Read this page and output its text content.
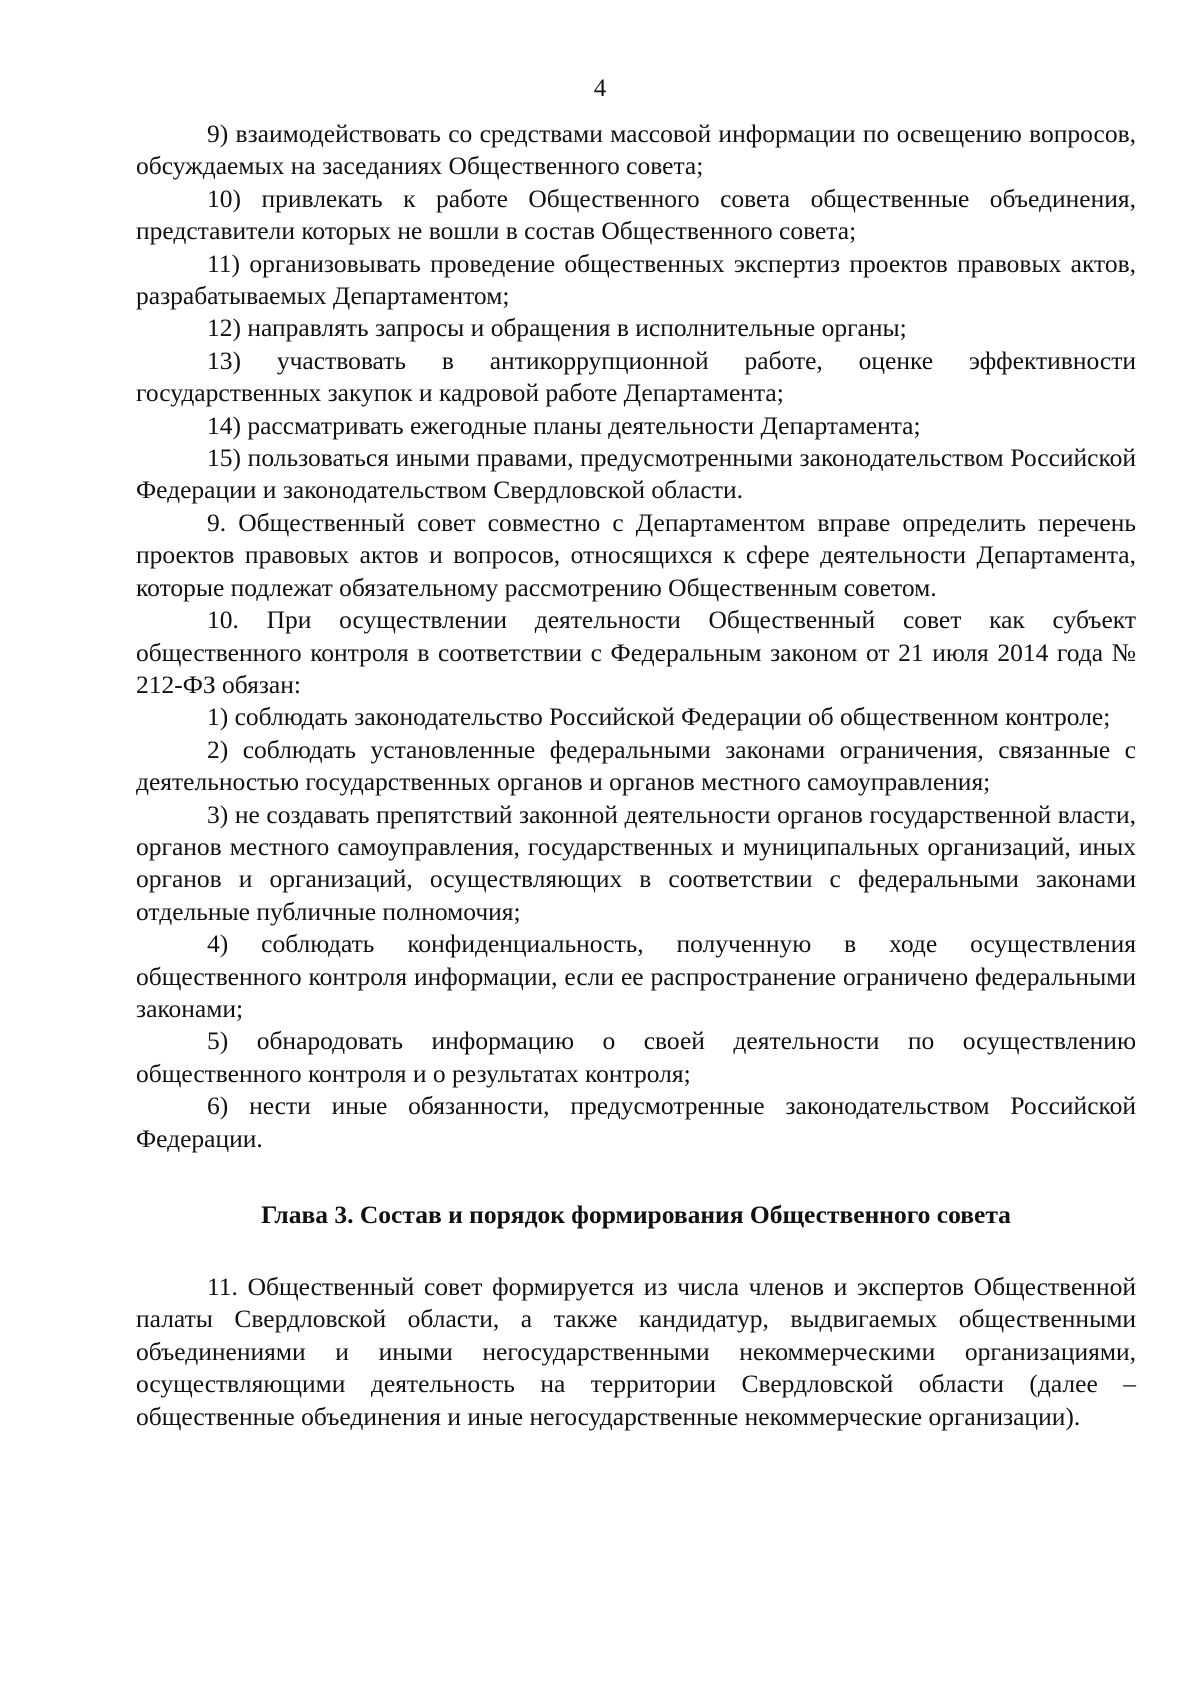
4

9) взаимодействовать со средствами массовой информации по освещению вопросов, обсуждаемых на заседаниях Общественного совета;

10) привлекать к работе Общественного совета общественные объединения, представители которых не вошли в состав Общественного совета;

11) организовывать проведение общественных экспертиз проектов правовых актов, разрабатываемых Департаментом;

12) направлять запросы и обращения в исполнительные органы;

13) участвовать в антикоррупционной работе, оценке эффективности государственных закупок и кадровой работе Департамента;

14) рассматривать ежегодные планы деятельности Департамента;

15) пользоваться иными правами, предусмотренными законодательством Российской Федерации и законодательством Свердловской области.

9. Общественный совет совместно с Департаментом вправе определить перечень проектов правовых актов и вопросов, относящихся к сфере деятельности Департамента, которые подлежат обязательному рассмотрению Общественным советом.

10. При осуществлении деятельности Общественный совет как субъект общественного контроля в соответствии с Федеральным законом от 21 июля 2014 года № 212-ФЗ обязан:

1) соблюдать законодательство Российской Федерации об общественном контроле;

2) соблюдать установленные федеральными законами ограничения, связанные с деятельностью государственных органов и органов местного самоуправления;

3) не создавать препятствий законной деятельности органов государственной власти, органов местного самоуправления, государственных и муниципальных организаций, иных органов и организаций, осуществляющих в соответствии с федеральными законами отдельные публичные полномочия;

4) соблюдать конфиденциальность, полученную в ходе осуществления общественного контроля информации, если ее распространение ограничено федеральными законами;

5) обнародовать информацию о своей деятельности по осуществлению общественного контроля и о результатах контроля;

6) нести иные обязанности, предусмотренные законодательством Российской Федерации.

Глава 3. Состав и порядок формирования Общественного совета

11. Общественный совет формируется из числа членов и экспертов Общественной палаты Свердловской области, а также кандидатур, выдвигаемых общественными объединениями и иными негосударственными некоммерческими организациями, осуществляющими деятельность на территории Свердловской области (далее – общественные объединения и иные негосударственные некоммерческие организации).
